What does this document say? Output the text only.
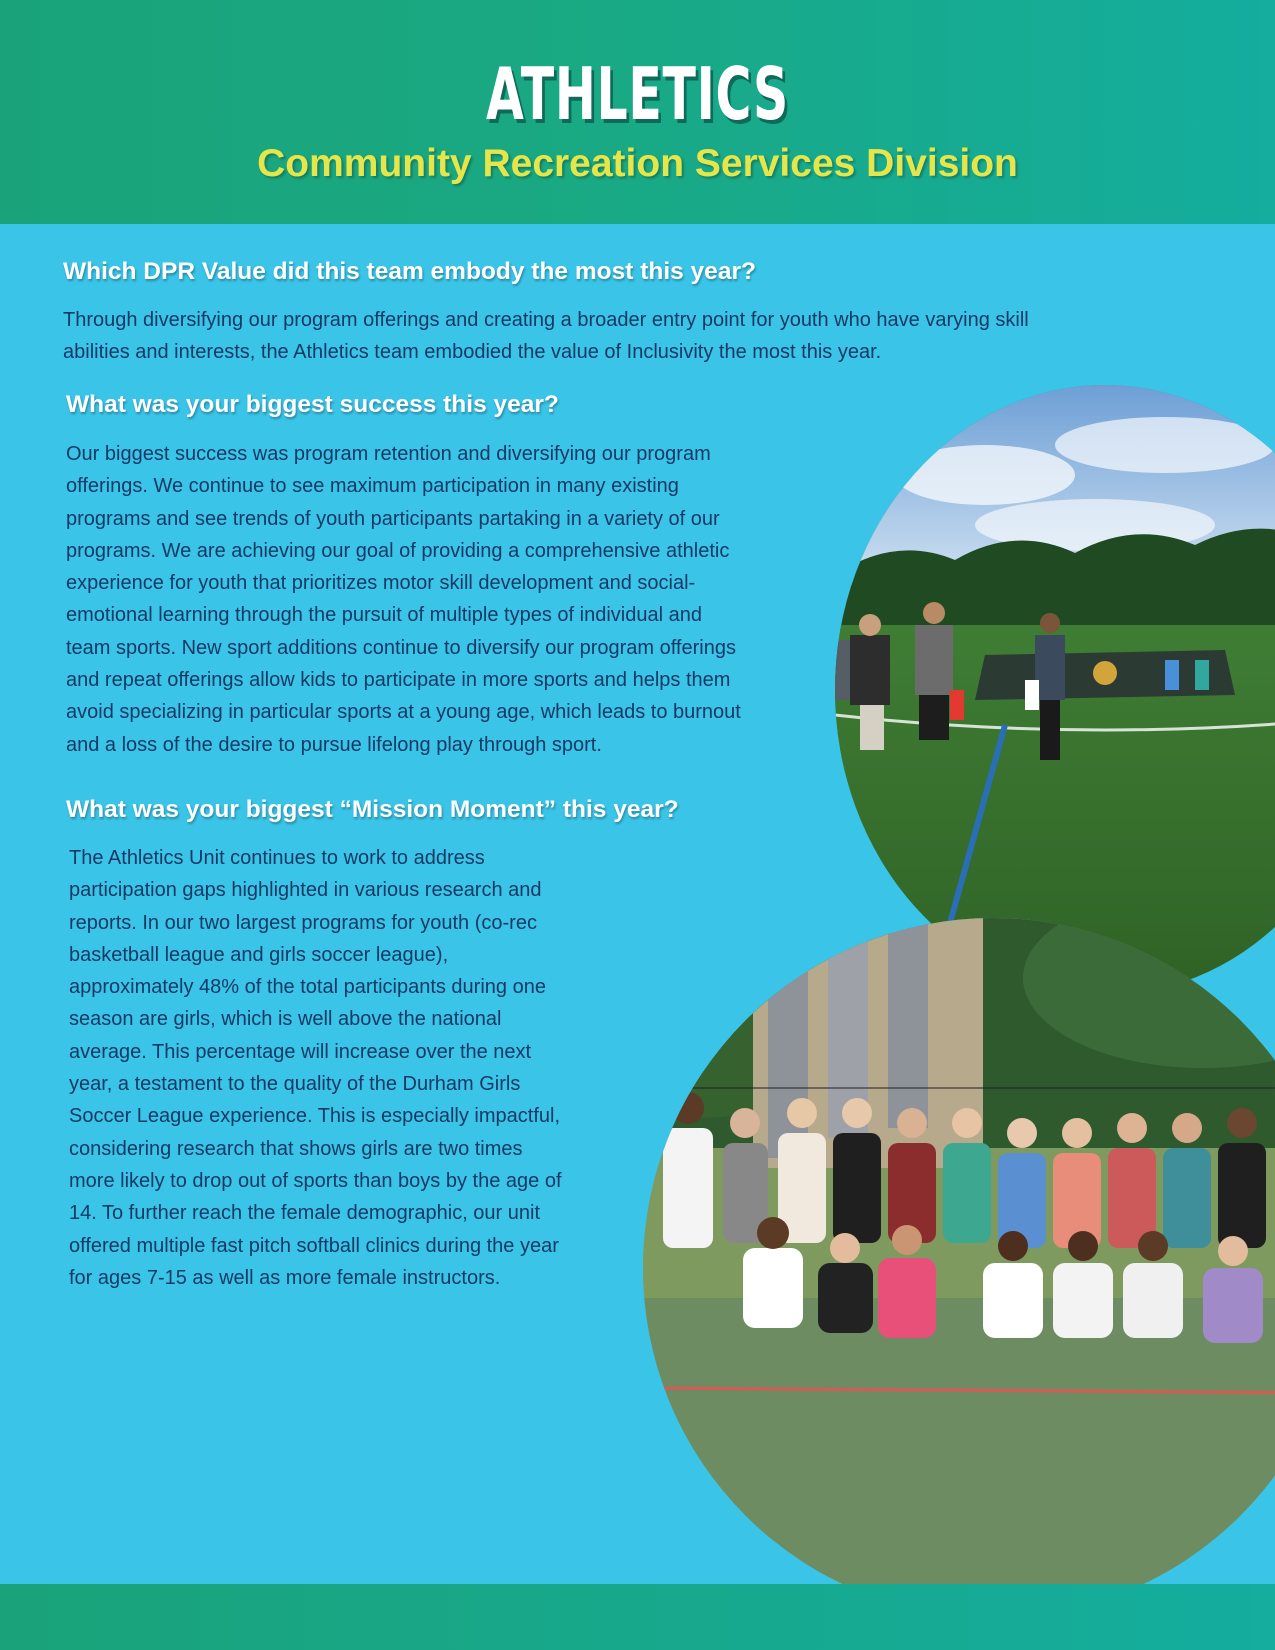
ATHLETICS
Community Recreation Services Division
Which DPR Value did this team embody the most this year?
Through diversifying our program offerings and creating a broader entry point for youth who have varying skill
abilities and interests, the Athletics team embodied the value of Inclusivity the most this year.
What was your biggest success this year?
Our biggest success was program retention and diversifying our program
offerings. We continue to see maximum participation in many existing
programs and see trends of youth participants partaking in a variety of our
programs. We are achieving our goal of providing a comprehensive athletic
experience for youth that prioritizes motor skill development and social-
emotional learning through the pursuit of multiple types of individual and
team sports. New sport additions continue to diversify our program offerings
and repeat offerings allow kids to participate in more sports and helps them
avoid specializing in particular sports at a young age, which leads to burnout
and a loss of the desire to pursue lifelong play through sport.
What was your biggest “Mission Moment” this year?
The Athletics Unit continues to work to address
participation gaps highlighted in various research and
reports. In our two largest programs for youth (co-rec
basketball league and girls soccer league),
approximately 48% of the total participants during one
season are girls, which is well above the national
average. This percentage will increase over the next
year, a testament to the quality of the Durham Girls
Soccer League experience. This is especially impactful,
considering research that shows girls are two times
more likely to drop out of sports than boys by the age of
14. To further reach the female demographic, our unit
offered multiple fast pitch softball clinics during the year
for ages 7-15 as well as more female instructors.
